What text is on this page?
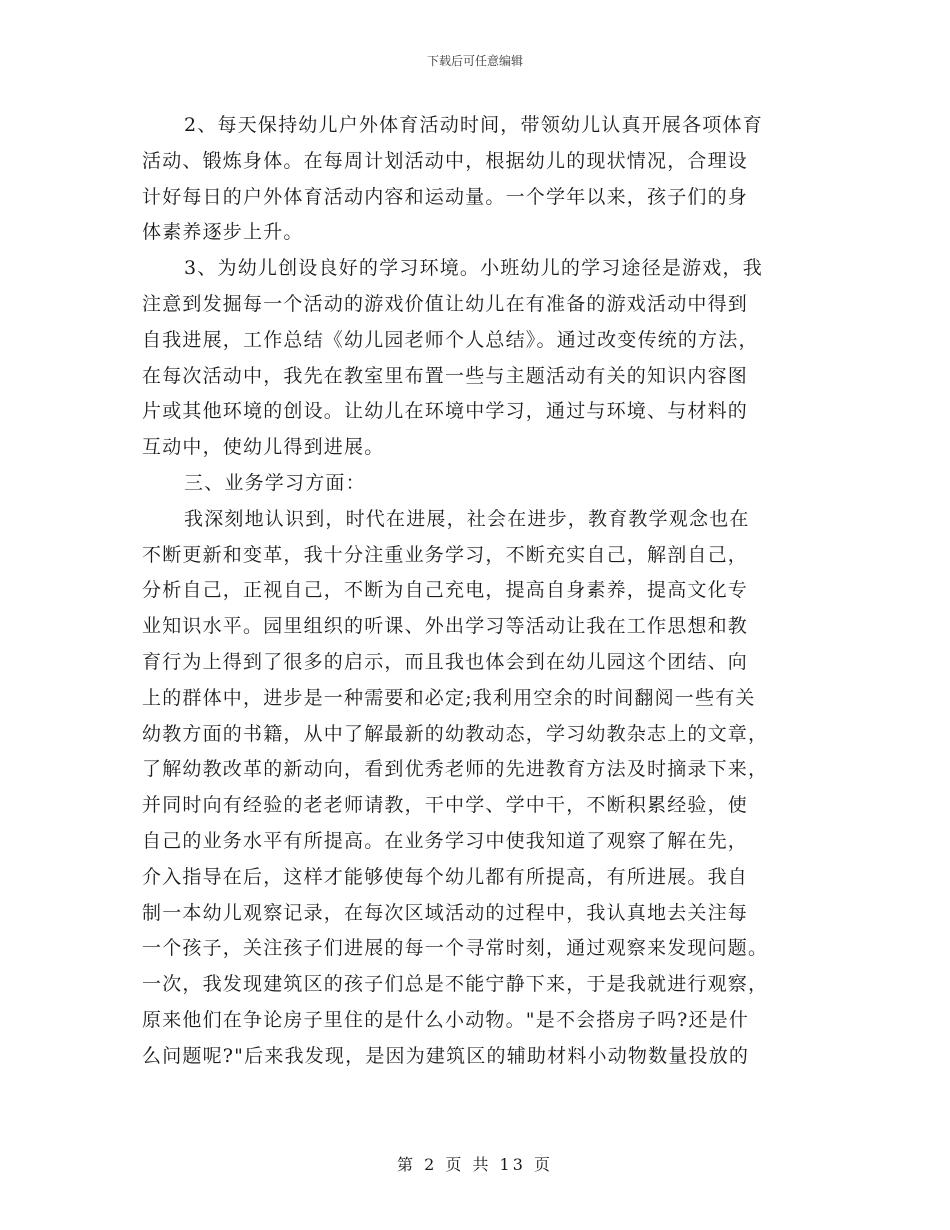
下载后可任意编辑
2、每天保持幼儿户外体育活动时间，带领幼儿认真开展各项体育
活动、锻炼身体。在每周计划活动中，根据幼儿的现状情况，合理设
计好每日的户外体育活动内容和运动量。一个学年以来，孩子们的身
体素养逐步上升。
3、为幼儿创设良好的学习环境。小班幼儿的学习途径是游戏，我
注意到发掘每一个活动的游戏价值让幼儿在有准备的游戏活动中得到
自我进展，工作总结《幼儿园老师个人总结》。通过改变传统的方法，
在每次活动中，我先在教室里布置一些与主题活动有关的知识内容图
片或其他环境的创设。让幼儿在环境中学习，通过与环境、与材料的
互动中，使幼儿得到进展。
三、业务学习方面：
我深刻地认识到，时代在进展，社会在进步，教育教学观念也在
不断更新和变革，我十分注重业务学习，不断充实自己，解剖自己，
分析自己，正视自己，不断为自己充电，提高自身素养，提高文化专
业知识水平。园里组织的听课、外出学习等活动让我在工作思想和教
育行为上得到了很多的启示，而且我也体会到在幼儿园这个团结、向
上的群体中，进步是一种需要和必定;我利用空余的时间翻阅一些有关
幼教方面的书籍，从中了解最新的幼教动态，学习幼教杂志上的文章，
了解幼教改革的新动向，看到优秀老师的先进教育方法及时摘录下来，
并同时向有经验的老老师请教，干中学、学中干，不断积累经验，使
自己的业务水平有所提高。在业务学习中使我知道了观察了解在先，
介入指导在后，这样才能够使每个幼儿都有所提高，有所进展。我自
制一本幼儿观察记录，在每次区域活动的过程中，我认真地去关注每
一个孩子，关注孩子们进展的每一个寻常时刻，通过观察来发现问题。
一次，我发现建筑区的孩子们总是不能宁静下来，于是我就进行观察，
原来他们在争论房子里住的是什么小动物。"是不会搭房子吗?还是什
么问题呢?"后来我发现，是因为建筑区的辅助材料小动物数量投放的
第 2 页 共 13 页
